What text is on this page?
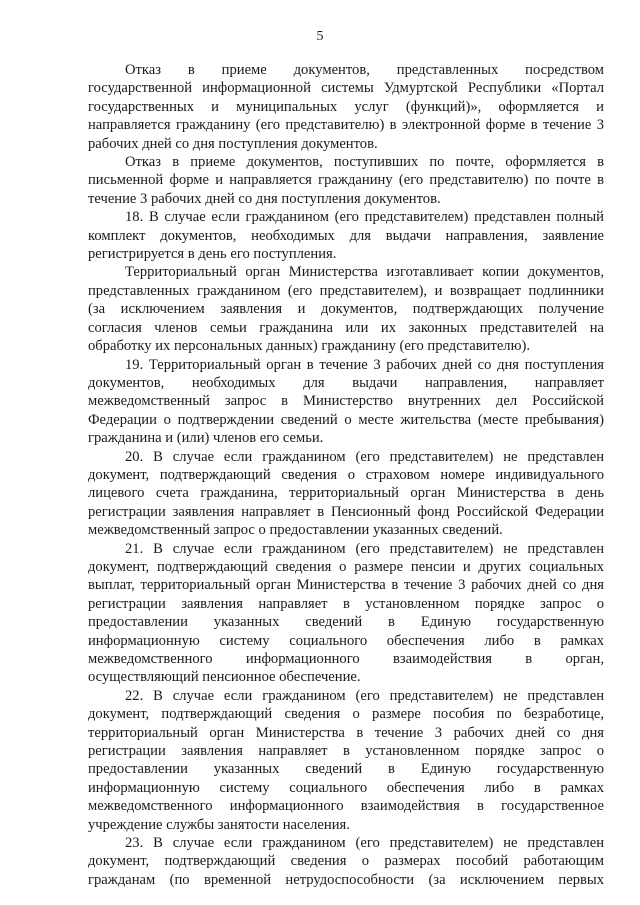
5

Отказ в приеме документов, представленных посредством
государственной информационной системы Удмуртской Республики «Портал
государственных и муниципальных услуг (функций)», оформляется и
направляется гражданину (его представителю) в электронной форме в течение 3
рабочих дней со дня поступления документов.

Отказ в приеме документов, поступивших по почте, оформляется в
письменной форме и направляется гражданину (его представителю) по почте в
течение 3 рабочих дней со дня поступления документов.

18. В случае если гражданином (его представителем) представлен полный
комплект документов, необходимых для выдачи направления, заявление
регистрируется в день его поступления.

Территориальный орган Министерства изготавливает копии документов,
представленных гражданином (его представителем), и возвращает подлинники
(за исключением заявления и документов, подтверждающих получение
согласия членов семьи гражданина или их законных представителей на
обработку их персональных данных) гражданину (его представителю).

19. Территориальный орган в течение 3 рабочих дней со дня поступления
документов, необходимых для выдачи направления, направляет
межведомственный запрос в Министерство внутренних дел Российской
Федерации о подтверждении сведений о месте жительства (месте пребывания)
гражданина и (или) членов его семьи.

20. В случае если гражданином (его представителем) не представлен
документ, подтверждающий сведения о страховом номере индивидуального
лицевого счета гражданина, территориальный орган Министерства в день
регистрации заявления направляет в Пенсионный фонд Российской Федерации
межведомственный запрос о предоставлении указанных сведений.

21. В случае если гражданином (его представителем) не представлен
документ, подтверждающий сведения о размере пенсии и других социальных
выплат, территориальный орган Министерства в течение 3 рабочих дней со дня
регистрации заявления направляет в установленном порядке запрос о
предоставлении указанных сведений в Единую государственную
информационную систему социального обеспечения либо в рамках
межведомственного информационного взаимодействия в орган,
осуществляющий пенсионное обеспечение.

22. В случае если гражданином (его представителем) не представлен
документ, подтверждающий сведения о размере пособия по безработице,
территориальный орган Министерства в течение 3 рабочих дней со дня
регистрации заявления направляет в установленном порядке запрос о
предоставлении указанных сведений в Единую государственную
информационную систему социального обеспечения либо в рамках
межведомственного информационного взаимодействия в государственное
учреждение службы занятости населения.

23. В случае если гражданином (его представителем) не представлен
документ, подтверждающий сведения о размерах пособий работающим
гражданам (по временной нетрудоспособности (за исключением первых
